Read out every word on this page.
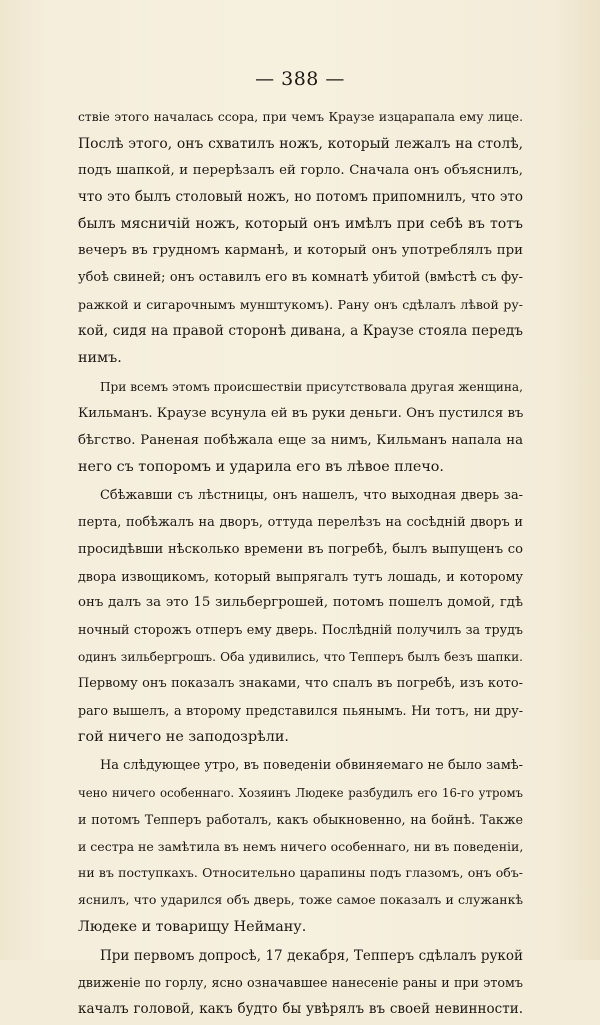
— 388 —
ствіе этого началась ссора, при чемъ Краузе изцарапала ему лице.
Послѣ этого, онъ схватилъ ножъ, который лежалъ на столѣ,
подъ шапкой, и перерѣзалъ ей горло. Сначала онъ объяснилъ,
что это былъ столовый ножъ, но потомъ припомнилъ, что это
былъ мясничій ножъ, который онъ имѣлъ при себѣ въ тотъ
вечеръ въ грудномъ карманѣ, и который онъ употреблялъ при
убоѣ свиней; онъ оставилъ его въ комнатѣ убитой (вмѣстѣ съ фу-
ражкой и сигарочнымъ мунштукомъ). Рану онъ сдѣлалъ лѣвой ру-
кой, сидя на правой сторонѣ дивана, а Краузе стояла передъ
нимъ.
При всемъ этомъ происшествіи присутствовала другая женщина,
Кильманъ. Краузе всунула ей въ руки деньги. Онъ пустился въ
бѣгство. Раненая побѣжала еще за нимъ, Кильманъ напала на
него съ топоромъ и ударила его въ лѣвое плечо.
Сбѣжавши съ лѣстницы, онъ нашелъ, что выходная дверь за-
перта, побѣжалъ на дворъ, оттуда перелѣзъ на сосѣдній дворъ и
просидѣвши нѣсколько времени въ погребѣ, былъ выпущенъ со
двора извощикомъ, который выпрягалъ тутъ лошадь, и которому
онъ далъ за это 15 зильбергрошей, потомъ пошелъ домой, гдѣ
ночный сторожъ отперъ ему дверь. Послѣдній получилъ за трудъ
одинъ зильбергрошъ. Оба удивились, что Тепперъ былъ безъ шапки.
Первому онъ показалъ знаками, что спалъ въ погребѣ, изъ кото-
раго вышелъ, а второму представился пьянымъ. Ни тотъ, ни дру-
гой ничего не заподозрѣли.
На слѣдующее утро, въ поведеніи обвиняемаго не было замѣ-
чено ничего особеннаго. Хозяинъ Людеке разбудилъ его 16-го утромъ
и потомъ Тепперъ работалъ, какъ обыкновенно, на бойнѣ. Также
и сестра не замѣтила въ немъ ничего особеннаго, ни въ поведеніи,
ни въ поступкахъ. Относительно царапины подъ глазомъ, онъ объ-
яснилъ, что ударился объ дверь, тоже самое показалъ и служанкѣ
Людеке и товарищу Нейману.
При первомъ допросѣ, 17 декабря, Тепперъ сдѣлалъ рукой
движеніе по горлу, ясно означавшее нанесеніе раны и при этомъ
качалъ головой, какъ будто бы увѣрялъ въ своей невинности.
